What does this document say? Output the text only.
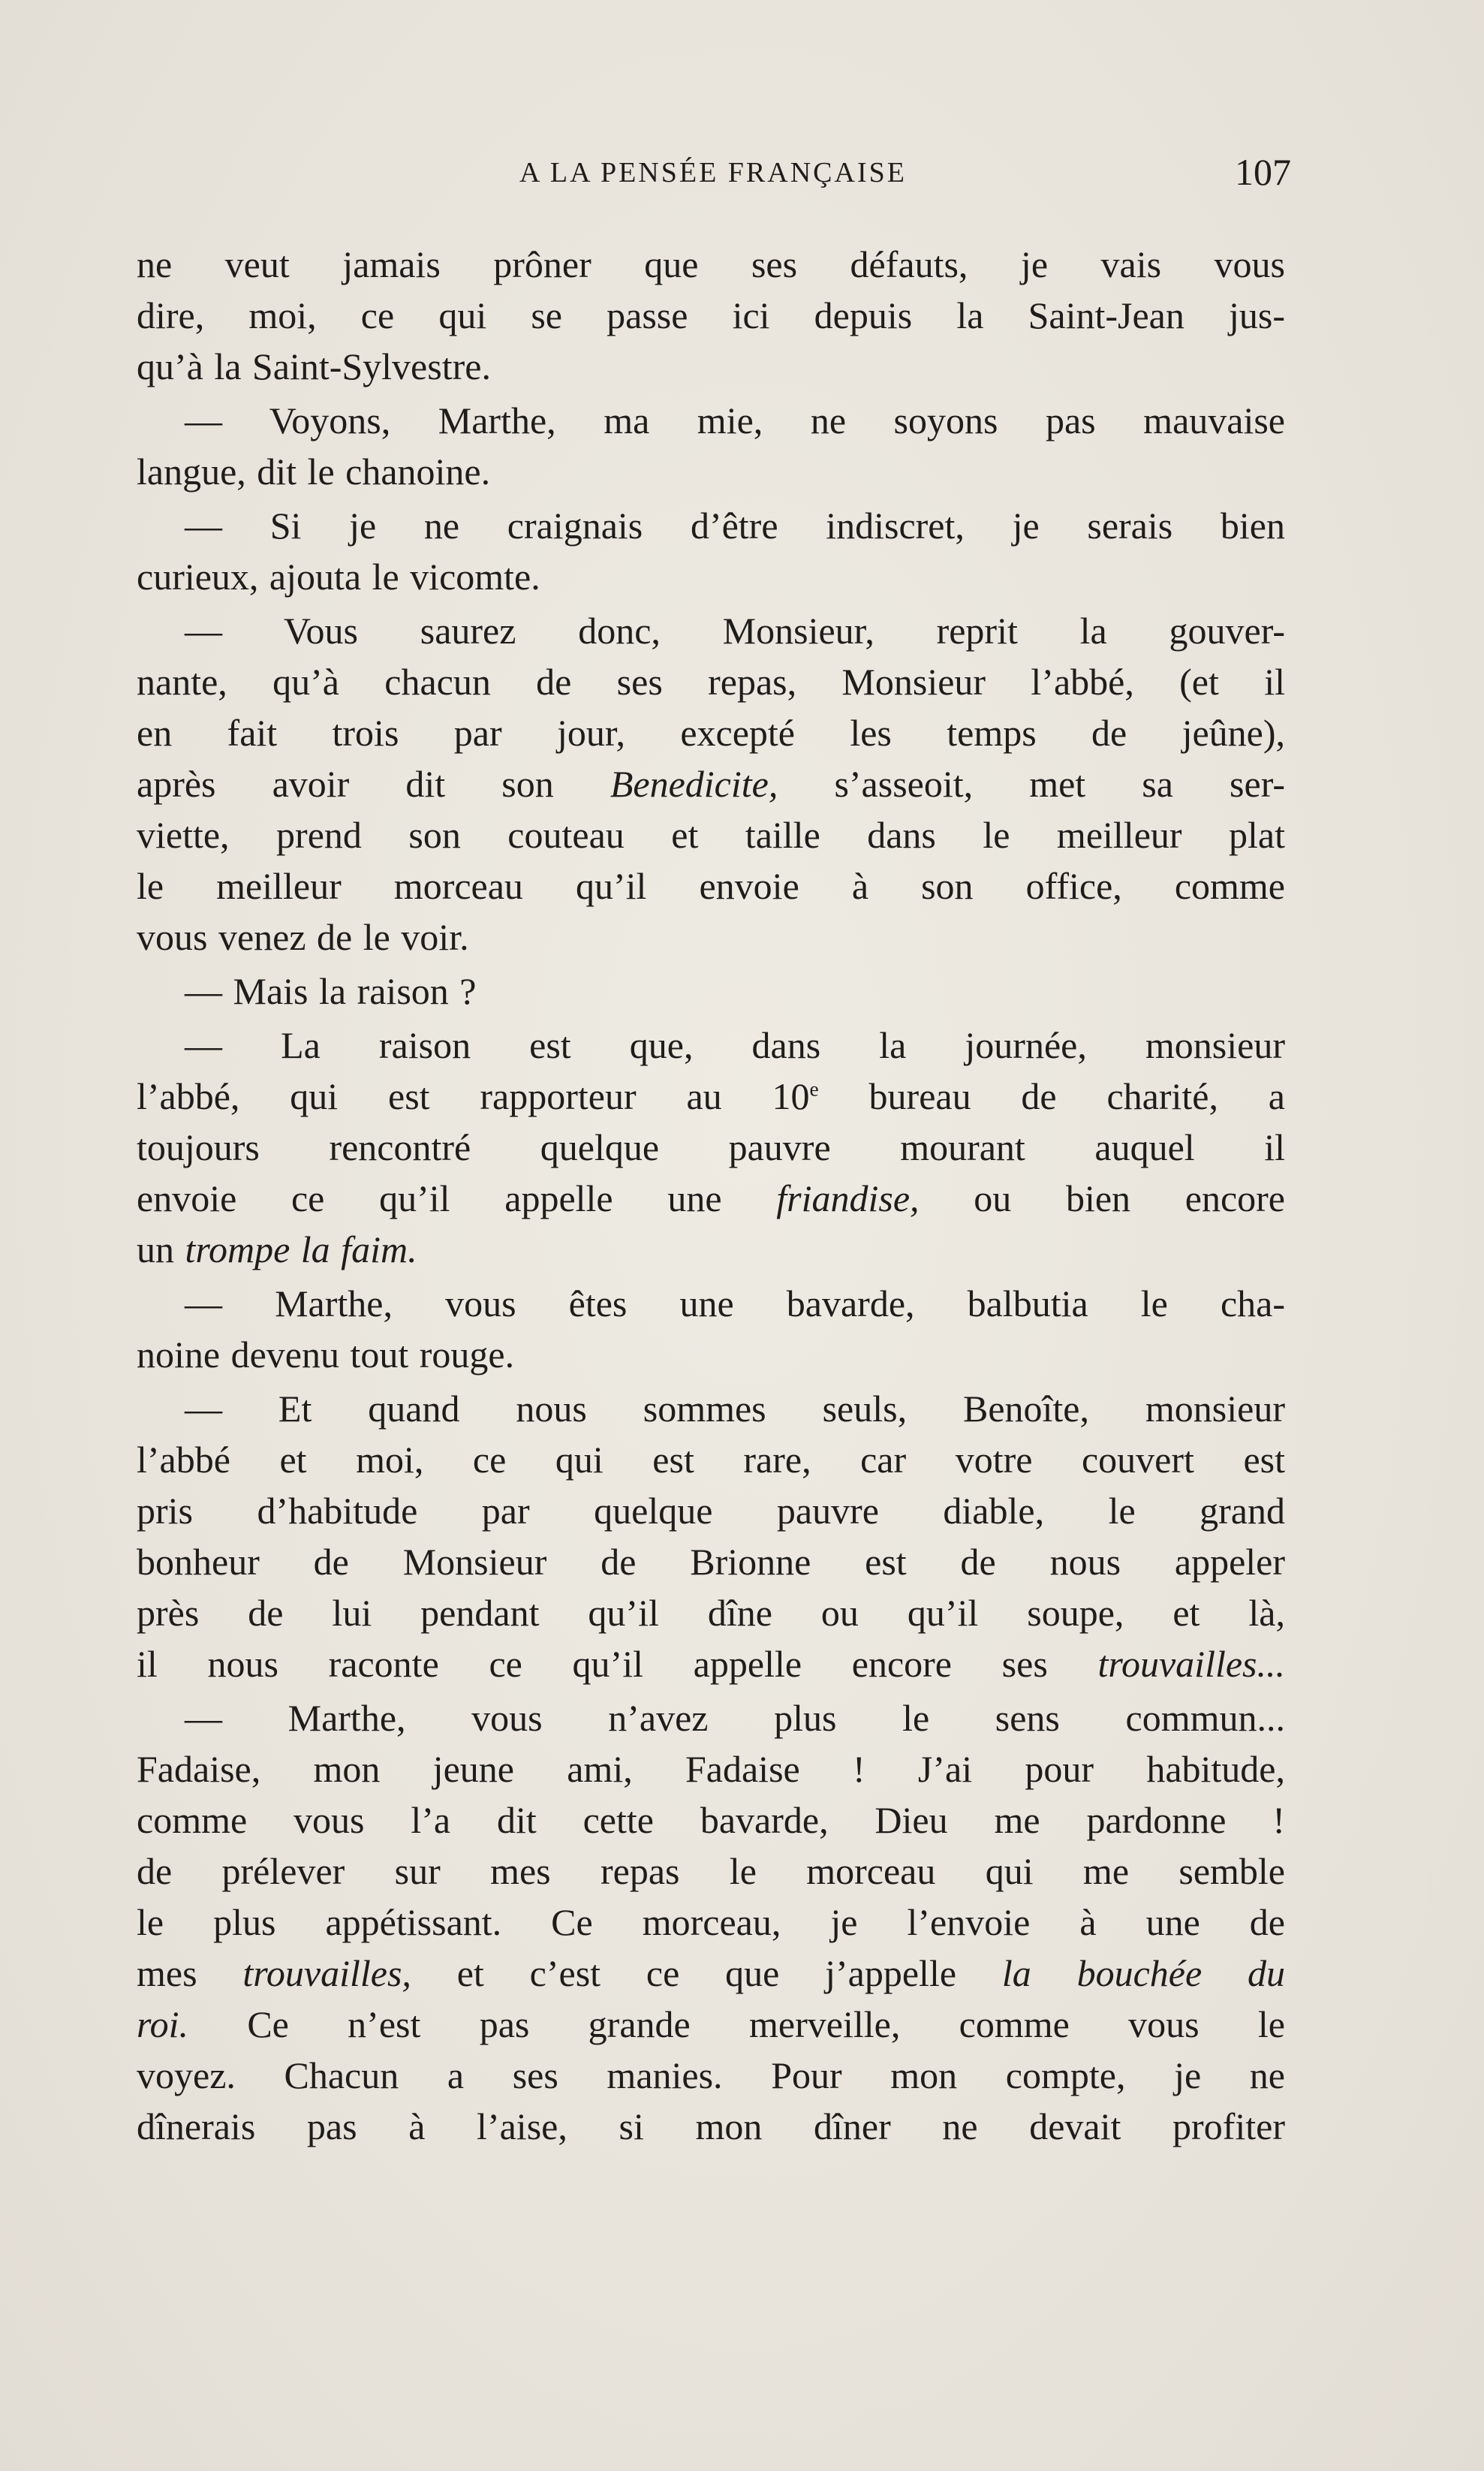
A LA PENSÉE FRANÇAISE	107
ne veut jamais prôner que ses défauts, je vais vous
dire, moi, ce qui se passe ici depuis la Saint-Jean jus-
qu’à la Saint-Sylvestre.
— Voyons, Marthe, ma mie, ne soyons pas mauvaise
langue, dit le chanoine.
— Si je ne craignais d’être indiscret, je serais bien
curieux, ajouta le vicomte.
— Vous saurez donc, Monsieur, reprit la gouver-
nante, qu’à chacun de ses repas, Monsieur l’abbé, (et il
en fait trois par jour, excepté les temps de jeûne),
après avoir dit son Benedicite, s’asseoit, met sa ser-
viette, prend son couteau et taille dans le meilleur plat
le meilleur morceau qu’il envoie à son office, comme
vous venez de le voir.
— Mais la raison ?
— La raison est que, dans la journée, monsieur
l’abbé, qui est rapporteur au 10e bureau de charité, a
toujours rencontré quelque pauvre mourant auquel il
envoie ce qu’il appelle une friandise, ou bien encore
un trompe la faim.
— Marthe, vous êtes une bavarde, balbutia le cha-
noine devenu tout rouge.
— Et quand nous sommes seuls, Benoîte, monsieur
l’abbé et moi, ce qui est rare, car votre couvert est
pris d’habitude par quelque pauvre diable, le grand
bonheur de Monsieur de Brionne est de nous appeler
près de lui pendant qu’il dîne ou qu’il soupe, et là,
il nous raconte ce qu’il appelle encore ses trouvailles...
— Marthe, vous n’avez plus le sens commun...
Fadaise, mon jeune ami, Fadaise ! J’ai pour habitude,
comme vous l’a dit cette bavarde, Dieu me pardonne !
de prélever sur mes repas le morceau qui me semble
le plus appétissant. Ce morceau, je l’envoie à une de
mes trouvailles, et c’est ce que j’appelle la bouchée du
roi. Ce n’est pas grande merveille, comme vous le
voyez. Chacun a ses manies. Pour mon compte, je ne
dînerais pas à l’aise, si mon dîner ne devait profiter
